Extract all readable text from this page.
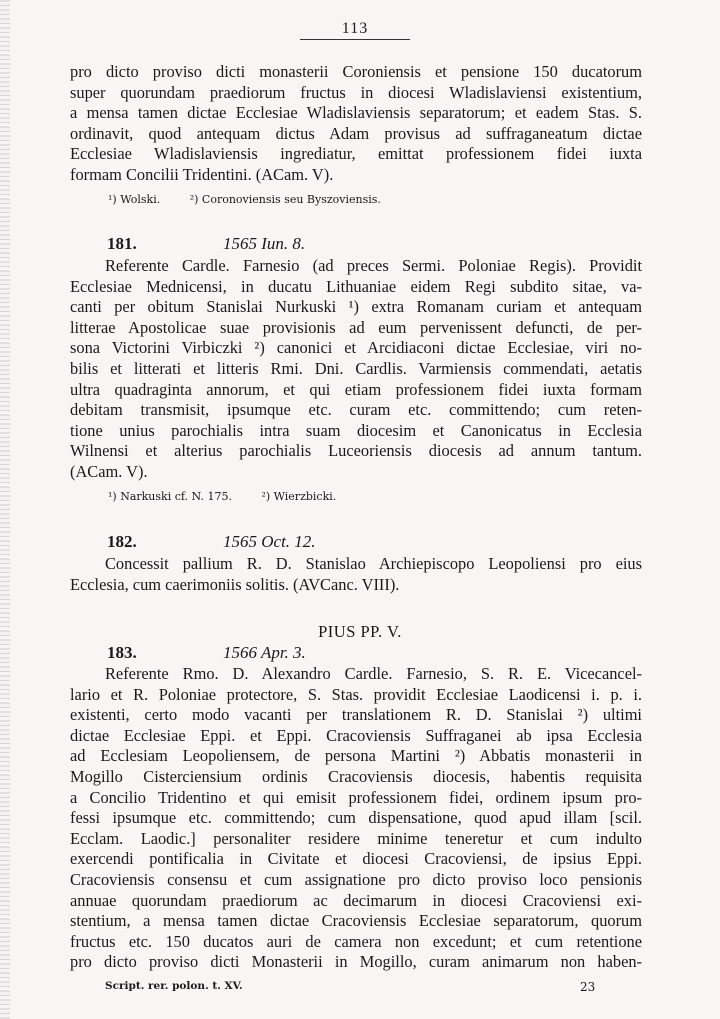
113
pro dicto proviso dicti monasterii Coroniensis et pensione 150 ducatorum
super quorundam praediorum fructus in diocesi Wladislaviensi existentium,
a mensa tamen dictae Ecclesiae Wladislaviensis separatorum; et eadem Stas. S.
ordinavit, quod antequam dictus Adam provisus ad suffraganeatum dictae
Ecclesiae Wladislaviensis ingrediatur, emittat professionem fidei iuxta
formam Concilii Tridentini. (ACam. V).
¹) Wolski.	²) Coronoviensis seu Byszoviensis.
181.	1565 Iun. 8.
Referente Cardle. Farnesio (ad preces Sermi. Poloniae Regis). Providit
Ecclesiae Mednicensi, in ducatu Lithuaniae eidem Regi subdito sitae, va-
canti per obitum Stanislai Nurkuski ¹) extra Romanam curiam et antequam
litterae Apostolicae suae provisionis ad eum pervenissent defuncti, de per-
sona Victorini Virbiczki ²) canonici et Arcidiaconi dictae Ecclesiae, viri no-
bilis et litterati et litteris Rmi. Dni. Cardlis. Varmiensis commendati, aetatis
ultra quadraginta annorum, et qui etiam professionem fidei iuxta formam
debitam transmisit, ipsumque etc. curam etc. committendo; cum reten-
tione unius parochialis intra suam diocesim et Canonicatus in Ecclesia
Wilnensi et alterius parochialis Luceoriensis diocesis ad annum tantum.
(ACam. V).
¹) Narkuski cf. N. 175.	²) Wierzbicki.
182.	1565 Oct. 12.
Concessit pallium R. D. Stanislao Archiepiscopo Leopoliensi pro eius
Ecclesia, cum caerimoniis solitis. (AVCanc. VIII).
PIUS PP. V.
183.	1566 Apr. 3.
Referente Rmo. D. Alexandro Cardle. Farnesio, S. R. E. Vicecancel-
lario et R. Poloniae protectore, S. Stas. providit Ecclesiae Laodicensi i. p. i.
existenti, certo modo vacanti per translationem R. D. Stanislai ²) ultimi
dictae Ecclesiae Eppi. et Eppi. Cracoviensis Suffraganei ab ipsa Ecclesia
ad Ecclesiam Leopoliensem, de persona Martini ²) Abbatis monasterii in
Mogillo Cisterciensium ordinis Cracoviensis diocesis, habentis requisita
a Concilio Tridentino et qui emisit professionem fidei, ordinem ipsum pro-
fessi ipsumque etc. committendo; cum dispensatione, quod apud illam [scil.
Ecclam. Laodic.] personaliter residere minime teneretur et cum indulto
exercendi pontificalia in Civitate et diocesi Cracoviensi, de ipsius Eppi.
Cracoviensis consensu et cum assignatione pro dicto proviso loco pensionis
annuae quorundam praediorum ac decimarum in diocesi Cracoviensi exi-
stentium, a mensa tamen dictae Cracoviensis Ecclesiae separatorum, quorum
fructus etc. 150 ducatos auri de camera non excedunt; et cum retentione
pro dicto proviso dicti Monasterii in Mogillo, curam animarum non haben-
Script. rer. polon. t. XV.	23
